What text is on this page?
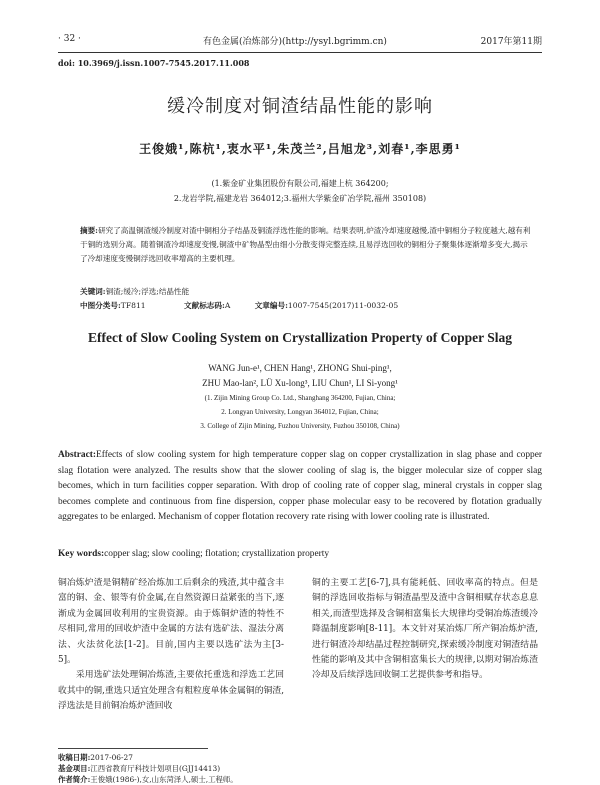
· 32 ·	有色金属(冶炼部分)(http://ysyl.bgrimm.cn)	2017年第11期
doi: 10.3969/j.issn.1007-7545.2017.11.008
缓冷制度对铜渣结晶性能的影响
王俊娥¹,陈杭¹,衷水平¹,朱茂兰²,吕旭龙³,刘春¹,李思勇¹
(1.紫金矿业集团股份有限公司,福建上杭 364200;
2.龙岩学院,福建龙岩 364012;3.福州大学紫金矿冶学院,福州 350108)
摘要:研究了高温铜渣缓冷制度对渣中铜相分子结晶及铜渣浮选性能的影响。结果表明,炉渣冷却速度越慢,渣中铜相分子粒度越大,越有利于铜的选别分离。随着铜渣冷却速度变慢,铜渣中矿物晶型由细小分散变得完整连续,且易浮选回收的铜相分子聚集体逐渐增多变大,揭示了冷却速度变慢铜浮选回收率增高的主要机理。
关键词:铜渣;缓冷;浮选;结晶性能
中图分类号:TF811	文献标志码:A	文章编号:1007-7545(2017)11-0032-05
Effect of Slow Cooling System on Crystallization Property of Copper Slag
WANG Jun-e¹, CHEN Hang¹, ZHONG Shui-ping¹,
ZHU Mao-lan², LÜ Xu-long³, LIU Chun¹, LI Si-yong¹
(1. Zijin Mining Group Co. Ltd., Shanghang 364200, Fujian, China;
2. Longyan University, Longyan 364012, Fujian, China;
3. College of Zijin Mining, Fuzhou University, Fuzhou 350108, China)
Abstract:Effects of slow cooling system for high temperature copper slag on copper crystallization in slag phase and copper slag flotation were analyzed. The results show that the slower cooling of slag is, the bigger molecular size of copper slag becomes, which in turn facilities copper separation. With drop of cooling rate of copper slag, mineral crystals in copper slag becomes complete and continuous from fine dispersion, copper phase molecular easy to be recovered by flotation gradually aggregates to be enlarged. Mechanism of copper flotation recovery rate rising with lower cooling rate is illustrated.
Key words:copper slag; slow cooling; flotation; crystallization property
铜冶炼炉渣是铜精矿经冶炼加工后剩余的残渣,其中蕴含丰富的铜、金、银等有价金属,在自然资源日益紧张的当下,逐渐成为金属回收利用的宝贵资源。由于炼铜炉渣的特性不尽相同,常用的回收炉渣中金属的方法有选矿法、湿法分离法、火法贫化法[1-2]。目前,国内主要以选矿法为主[3-5]。
　　采用选矿法处理铜冶炼渣,主要依托重选和浮选工艺回收其中的铜,重选只适宜处理含有粗粒度单体金属铜的铜渣,浮选法是目前铜冶炼炉渣回收
铜的主要工艺[6-7],具有能耗低、回收率高的特点。但是铜的浮选回收指标与铜渣晶型及渣中含铜相赋存状态息息相关,而渣型选择及含铜相富集长大规律均受铜冶炼渣缓冷降温制度影响[8-11]。本文针对某冶炼厂所产铜冶炼炉渣,进行铜渣冷却结晶过程控制研究,探索缓冷制度对铜渣结晶性能的影响及其中含铜相富集长大的规律,以期对铜冶炼渣冷却及后续浮选回收铜工艺提供参考和指导。
收稿日期:2017-06-27
基金项目:江西省教育厅科技计划项目(GJJ14413)
作者简介:王俊娥(1986-),女,山东菏泽人,硕士,工程师。
